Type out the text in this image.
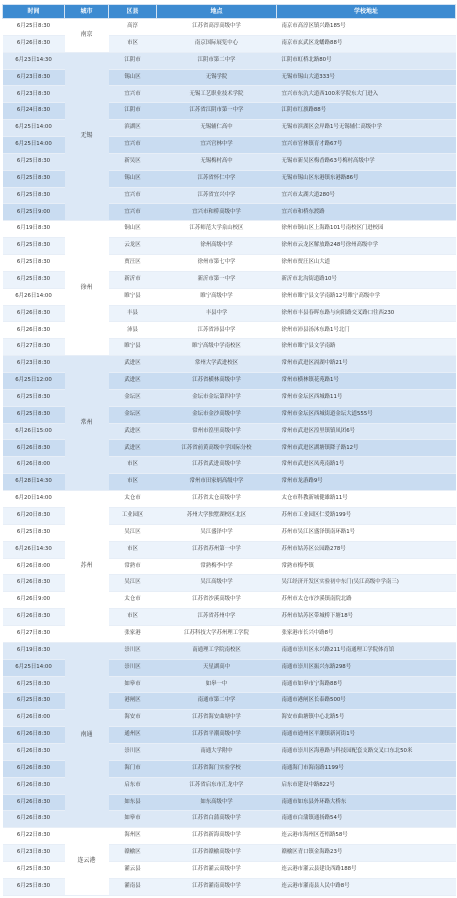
时间	城市	区县	地点	学校地址
6月25日8:30	南京	高淳	江苏省高淳高级中学	南京市高淳区镇兴路185号
6月26日8:30		市区	南京国际展览中心	南京市玄武区龙蟠路88号
6月23日14:30	无锡	江阴市	江阴市第二中学	江阴市虹桥北路80号
6月23日8:30		锡山区	无锡学院	无锡市锡山大道333号
6月23日8:30		宜兴市	无锡工艺职业技术学院	宜兴市东氿大道西100米学院东大门进入
6月24日8:30		江阴市	江苏省江阴市第一中学	江阴市红旗路88号
6月25日14:00		滨湖区	无锡辅仁高中	无锡市滨湖区会岸路1号无锡辅仁高级中学
6月25日14:00		宜兴市	宜兴官林中学	宜兴市官林镇育才路67号
6月25日8:30		新吴区	无锡梅村高中	无锡市新吴区梅香路63号梅村高级中学
6月25日8:30		锡山区	江苏省怀仁中学	无锡市锡山区东港镇东港路86号
6月25日8:30		宜兴市	江苏省宜兴中学	宜兴市太湖大道280号
6月25日9:00		宜兴市	宜兴市和桥高级中学	宜兴市和桥东渡路
6月19日8:30	徐州	铜山区	江苏师范大学泉山校区	徐州市铜山区上海路101号南校区门进校园
6月25日8:30		云龙区	徐州高级中学	徐州市云龙区解放路248号徐州高级中学
6月25日8:30		贾汪区	徐州市第七中学	徐州市贾汪区山大道
6月25日8:30		新沂市	新沂市第一中学	新沂市北沟街道路10号
6月26日14:00		睢宁县	睢宁高级中学	徐州市睢宁县文学南路12号睢宁高级中学
6月26日8:30		丰县	丰县中学	徐州市丰县春晖东路与向阳路交叉路口往西230
6月26日8:30		沛县	江苏省沛县中学	徐州市沛县汤沐东路1号北门
6月27日8:30		睢宁县	睢宁高级中学南校区	徐州市睢宁县文学南路
6月23日8:30	常州	武进区	常州大学武进校区	常州市武进区滆湖中路21号
6月25日12:00		武进区	江苏省横林高级中学	常州市横林镇花苑路1号
6月25日8:30		金坛区	金坛市金坛第四中学	常州市金坛区西城路11号
6月25日8:30		金坛区	金坛市金沙高级中学	常州市金坛区西城街道金坛大道555号
6月26日15:00		武进区	常州市湟里高级中学	常州市武进区湟里镇镇凤团6号
6月26日8:30		武进区	江苏省前黄高级中学国际分校	常州市武进区湖塘镇降子路12号
6月26日8:00		市区	江苏省武进高级中学	常州市武进区凤苑南路1号
6月28日14:30		市区	常州市田家炳高级中学	常州市龙游路9号
6月20日14:00	苏州	太仓市	江苏省太仓高级中学	太仓市科教新城健雄路11号
6月20日8:30		工业园区	苏州大学独墅湖校区北区	苏州市工业园区仁爱路199号
6月25日8:30		吴江区	吴江盛泽中学	苏州市吴江区盛泽镇南环路1号
6月26日14:30		市区	江苏省苏州第一中学	苏州市姑苏区公园路278号
6月26日8:00		常熟市	常熟梅李中学	常熟市梅李镇
6月26日8:30		吴江区	吴江高级中学	吴江经济开发区实验初中东门(吴江高级中学南三)
6月26日9:00		太仓市	江苏省沙溪高级中学	苏州市太仓市沙溪镇南院北路
6月26日8:30		市区	江苏省苏州中学	苏州市姑苏区带城桥下塘18号
6月27日8:30		张家港	江苏科技大学苏州理工学院	张家港市长兴中路8号
6月19日8:30	南通	崇川区	南通理工学院南校区	南通市崇川区永兴路211号南通理工学院体育馆
6月25日14:00		崇川区	天星湖高中	南通市崇川区振兴东路298号
6月25日8:30		如皋市	如皋一中	南通市如皋市宁海路88号
6月25日8:30		港闸区	南通市第二中学	南通市港闸区长泰路500号
6月26日8:00		海安市	江苏省海安曲塘中学	海安市曲塘镇中心北路5号
6月26日8:30		通州区	江苏省平潮高级中学	南通市通州区平潮镇新河街1号
6月26日8:30		崇川区	南通大学附中	南通市崇川区海蕙路与科技园配套支路交叉口东北50米
6月26日8:30		海门市	江苏省海门实验学校	南通海门市海南路1199号
6月26日8:30		启东市	江苏省启东市汇龙中学	启东市建设中路822号
6月26日8:30		如东县	如东高级中学	南通市如东县外环路大桥东
6月26日8:30		如皋市	江苏省白蒲高级中学	南通市白蒲镇通扬路54号
6月22日8:30	连云港	海州区	江苏省新海高级中学	连云港市海州区苍梧路58号
6月23日8:30		赣榆区	江苏省赣榆高级中学	赣榆区青口镇金海路23号
6月25日8:30		灌云县	江苏省灌云高级中学	连云港市灌云县建设西路188号
6月25日8:30		灌南县	江苏省灌南高级中学	连云港市灌南县人民中路8号
